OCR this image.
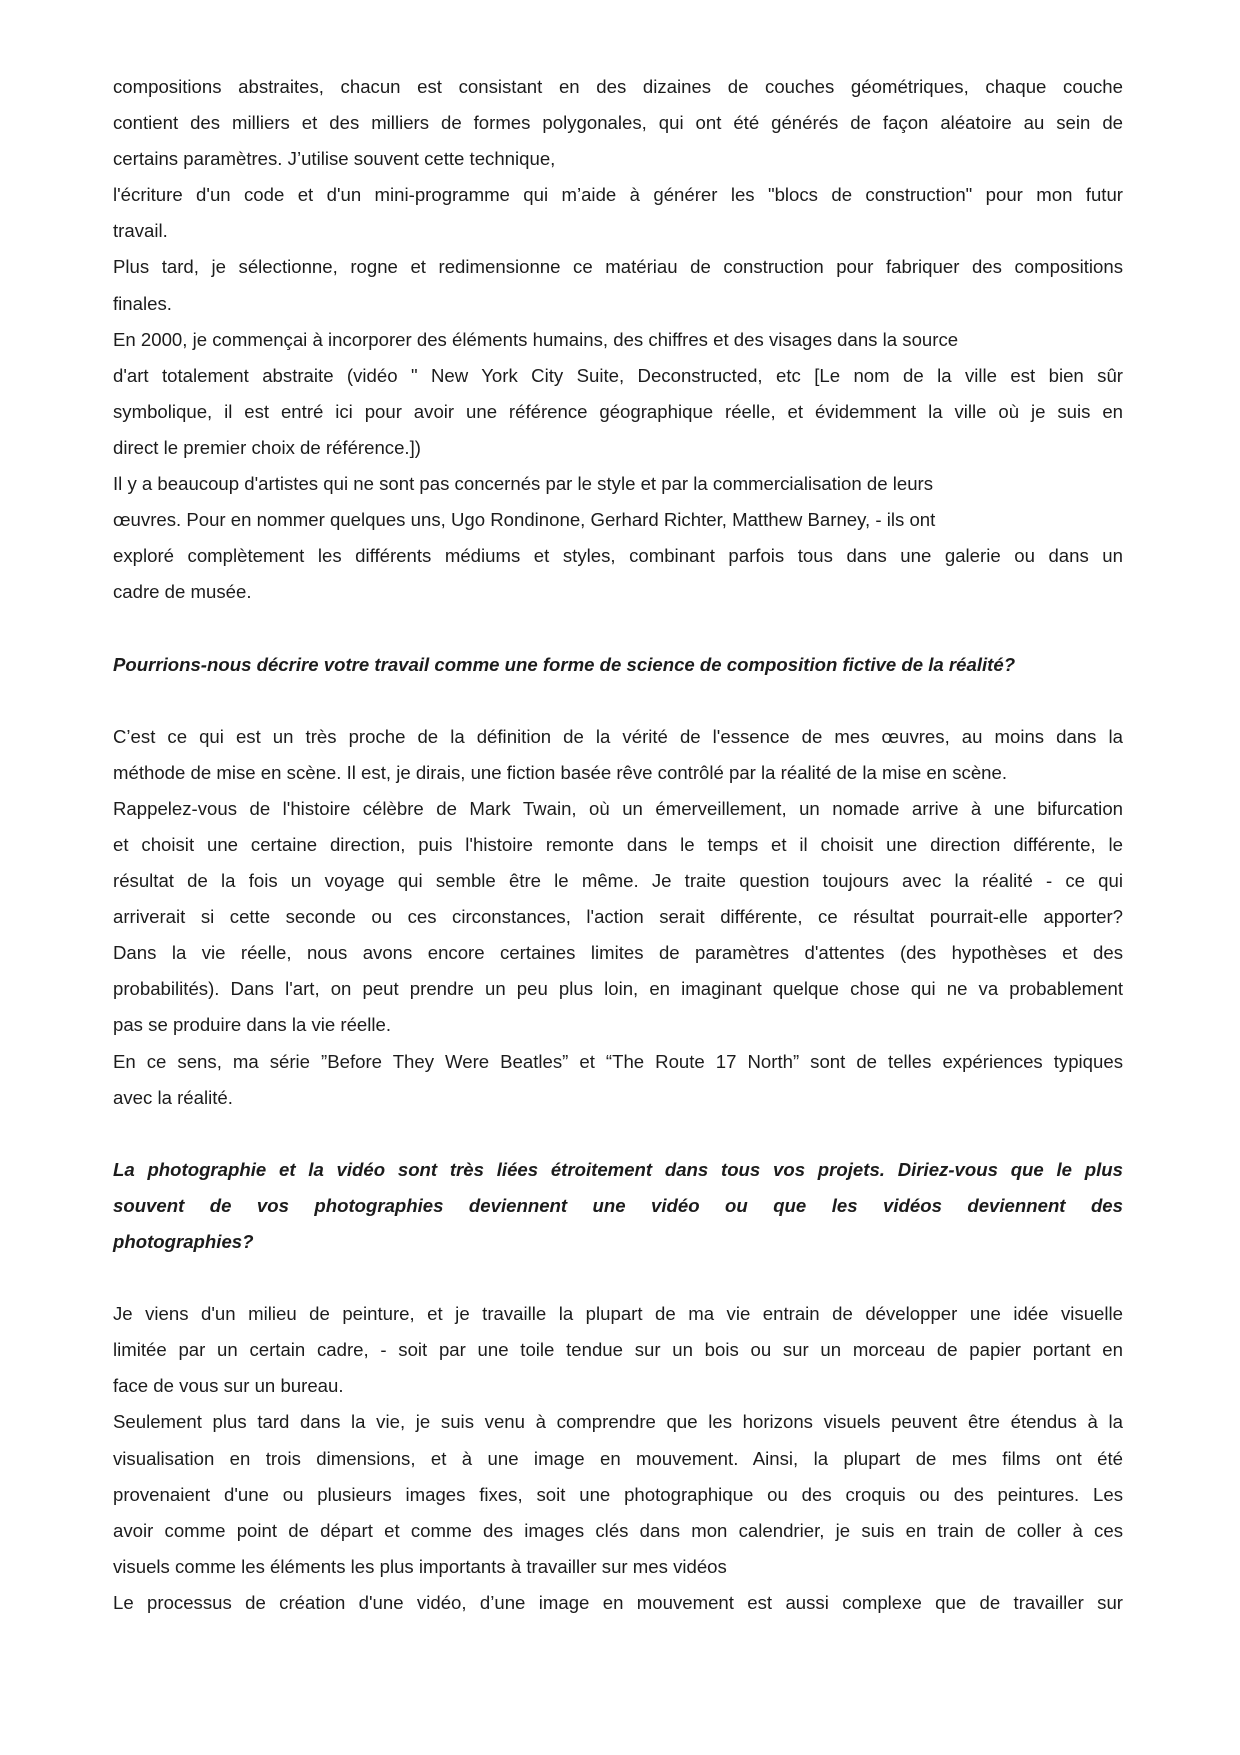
compositions abstraites, chacun est consistant en des dizaines de couches géométriques, chaque couche
contient des milliers et des milliers de formes polygonales, qui ont été générés de façon aléatoire au sein de
certains paramètres. J’utilise souvent cette technique,
l'écriture d'un code et d'un mini-programme qui m’aide à générer les "blocs de construction" pour mon futur
travail.
Plus tard, je sélectionne, rogne et redimensionne ce matériau de construction pour fabriquer des compositions
finales.
En 2000, je commençai à incorporer des éléments humains, des chiffres et des visages dans la source
d'art totalement abstraite (vidéo " New York City Suite, Deconstructed, etc [Le nom de la ville est bien sûr
symbolique, il est entré ici pour avoir une référence géographique réelle, et évidemment la ville où je suis en
direct le premier choix de référence.])
Il y a beaucoup d'artistes qui ne sont pas concernés par le style et par la commercialisation de leurs
œuvres. Pour en nommer quelques uns, Ugo Rondinone, Gerhard Richter, Matthew Barney, - ils ont
exploré complètement les différents médiums et styles, combinant parfois tous dans une galerie ou dans un
cadre de musée.
Pourrions-nous décrire votre travail comme une forme de science de composition fictive de la réalité?
C’est ce qui est un très proche de la définition de la vérité de l'essence de mes œuvres, au moins dans la
méthode de mise en scène. Il est, je dirais, une fiction basée rêve contrôlé par la réalité de la mise en scène.
Rappelez-vous de l'histoire célèbre de Mark Twain, où un émerveillement, un nomade arrive à une bifurcation
et choisit une certaine direction, puis l'histoire remonte dans le temps et il choisit une direction différente, le
résultat de la fois un voyage qui semble être le même. Je traite question toujours avec la réalité - ce qui
arriverait si cette seconde ou ces circonstances, l'action serait différente, ce résultat pourrait-elle apporter?
Dans la vie réelle, nous avons encore certaines limites de paramètres d'attentes (des hypothèses et des
probabilités). Dans l'art, on peut prendre un peu plus loin, en imaginant quelque chose qui ne va probablement
pas se produire dans la vie réelle.
En ce sens, ma série ”Before They Were Beatles” et “The Route 17 North” sont de telles expériences typiques
avec la réalité.
La photographie et la vidéo sont très liées étroitement dans tous vos projets. Diriez-vous que le plus
souvent de vos photographies deviennent une vidéo ou que les vidéos deviennent des
photographies?
Je viens d'un milieu de peinture, et je travaille la plupart de ma vie entrain de développer une idée visuelle
limitée par un certain cadre, - soit par une toile tendue sur un bois ou sur un morceau de papier portant en
face de vous sur un bureau.
Seulement plus tard dans la vie, je suis venu à comprendre que les horizons visuels peuvent être étendus à la
visualisation en trois dimensions, et à une image en mouvement. Ainsi, la plupart de mes films ont été
provenaient d'une ou plusieurs images fixes, soit une photographique ou des croquis ou des peintures. Les
avoir comme point de départ et comme des images clés dans mon calendrier, je suis en train de coller à ces
visuels comme les éléments les plus importants à travailler sur mes vidéos
Le processus de création d'une vidéo, d’une image en mouvement est aussi complexe que de travailler sur
